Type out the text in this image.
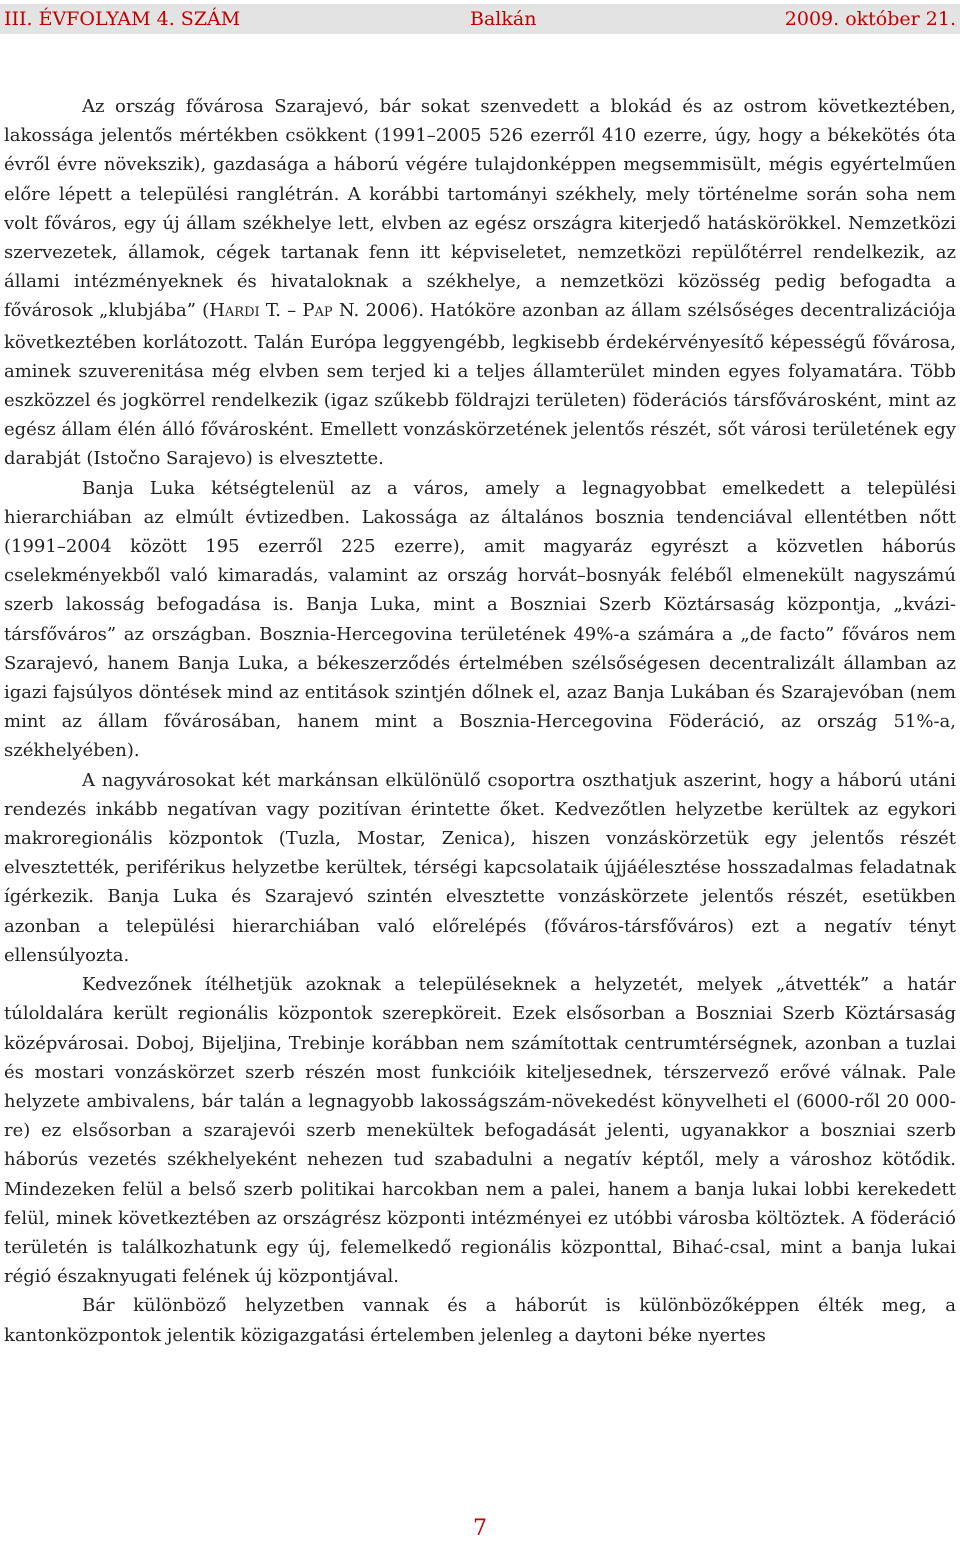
III. ÉVFOLYAM 4. SZÁM	Balkán	2009. október 21.

Az ország fővárosa Szarajevó, bár sokat szenvedett a blokád és az ostrom következtében, lakossága jelentős mértékben csökkent (1991–2005 526 ezerről 410 ezerre, úgy, hogy a békekötés óta évről évre növekszik), gazdasága a háború végére tulajdonképpen megsemmisült, mégis egyértelműen előre lépett a települési ranglétrán. A korábbi tartományi székhely, mely történelme során soha nem volt főváros, egy új állam székhelye lett, elvben az egész országra kiterjedő hatáskörökkel. Nemzetközi szervezetek, államok, cégek tartanak fenn itt képviseletet, nemzetközi repülőtérrel rendelkezik, az állami intézményeknek és hivataloknak a székhelye, a nemzetközi közösség pedig befogadta a fővárosok „klubjába” (HARDI T. – PAP N. 2006). Hatóköre azonban az állam szélsőséges decentralizációja következtében korlátozott. Talán Európa leggyengébb, legkisebb érdekérvényesítő képességű fővárosa, aminek szuverenitása még elvben sem terjed ki a teljes államterület minden egyes folyamatára. Több eszközzel és jogkörrel rendelkezik (igaz szűkebb földrajzi területen) föderációs társfővárosként, mint az egész állam élén álló fővárosként. Emellett vonzáskörzetének jelentős részét, sőt városi területének egy darabját (Istočno Sarajevo) is elvesztette.

Banja Luka kétségtelenül az a város, amely a legnagyobbat emelkedett a települési hierarchiában az elmúlt évtizedben. Lakossága az általános bosznia tendenciával ellentétben nőtt (1991–2004 között 195 ezerről 225 ezerre), amit magyaráz egyrészt a közvetlen háborús cselekményekből való kimaradás, valamint az ország horvát–bosnyák feléből elmenekült nagyszámú szerb lakosság befogadása is. Banja Luka, mint a Boszniai Szerb Köztársaság központja, „kvázi-társfőváros” az országban. Bosznia-Hercegovina területének 49%-a számára a „de facto” főváros nem Szarajevó, hanem Banja Luka, a békeszerződés értelmében szélsőségesen decentralizált államban az igazi fajsúlyos döntések mind az entitások szintjén dőlnek el, azaz Banja Lukában és Szarajevóban (nem mint az állam fővárosában, hanem mint a Bosznia-Hercegovina Föderáció, az ország 51%-a, székhelyében).

A nagyvárosokat két markánsan elkülönülő csoportra oszthatjuk aszerint, hogy a háború utáni rendezés inkább negatívan vagy pozitívan érintette őket. Kedvezőtlen helyzetbe kerültek az egykori makroregionális központok (Tuzla, Mostar, Zenica), hiszen vonzáskörzetük egy jelentős részét elvesztették, periférikus helyzetbe kerültek, térségi kapcsolataik újjáélesztése hosszadalmas feladatnak ígérkezik. Banja Luka és Szarajevó szintén elvesztette vonzáskörzete jelentős részét, esetükben azonban a települési hierarchiában való előrelépés (főváros-társfőváros) ezt a negatív tényt ellensúlyozta.

Kedvezőnek ítélhetjük azoknak a településeknek a helyzetét, melyek „átvették” a határ túloldalára került regionális központok szerepköreit. Ezek elsősorban a Boszniai Szerb Köztársaság középvárosai. Doboj, Bijeljina, Trebinje korábban nem számítottak centrumtérségnek, azonban a tuzlai és mostari vonzáskörzet szerb részén most funkcióik kiteljesednek, térszervező erővé válnak. Pale helyzete ambivalens, bár talán a legnagyobb lakosságszám-növekedést könyvelheti el (6000-ről 20 000-re) ez elsősorban a szarajevói szerb menekültek befogadását jelenti, ugyanakkor a boszniai szerb háborús vezetés székhelyeként nehezen tud szabadulni a negatív képtől, mely a városhoz kötődik. Mindezeken felül a belső szerb politikai harcokban nem a palei, hanem a banja lukai lobbi kerekedett felül, minek következtében az országrész központi intézményei ez utóbbi városba költöztek. A föderáció területén is találkozhatunk egy új, felemelkedő regionális központtal, Bihać-csal, mint a banja lukai régió északnyugati felének új központjával.

Bár különböző helyzetben vannak és a háborút is különbözőképpen élték meg, a kantonközpontok jelentik közigazgatási értelemben jelenleg a daytoni béke nyertes

7
